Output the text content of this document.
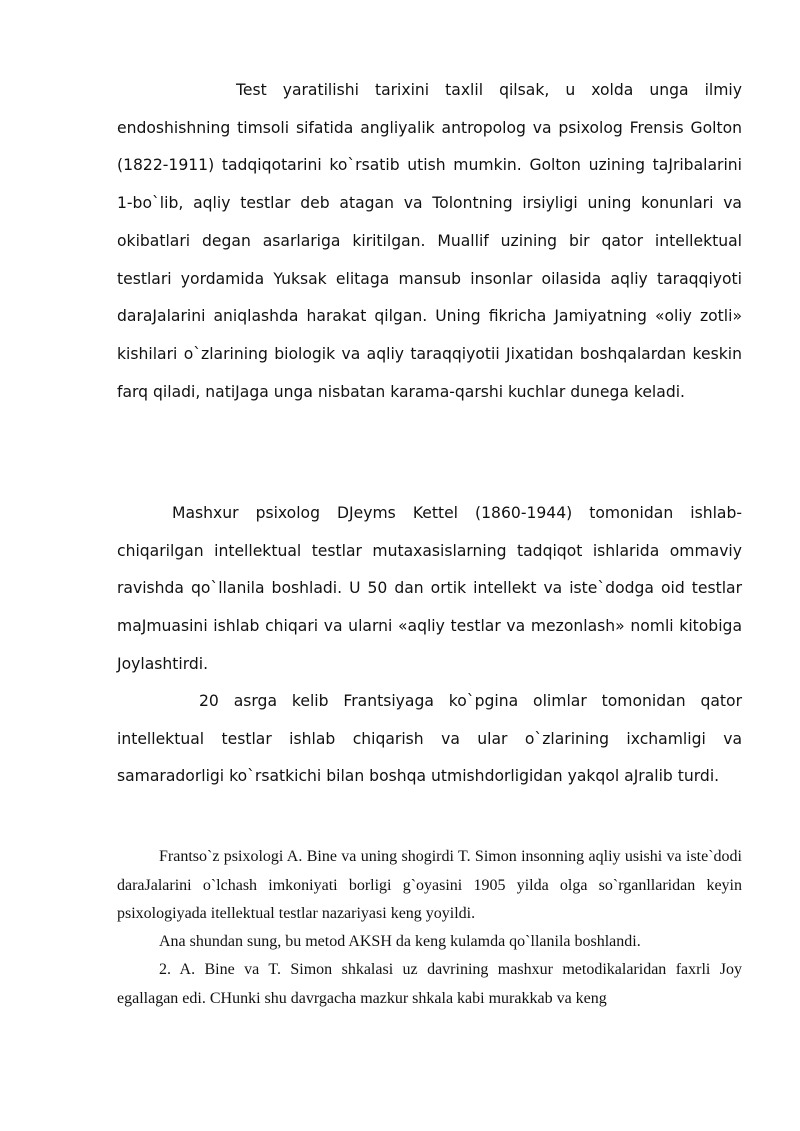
Test yaratilishi tarixini taxlil qilsak, u xolda unga ilmiy endoshishning timsoli sifatida angliyalik antropolog va psixolog Frensis Golton (1822-1911) tadqiqotarini ko`rsatib utish mumkin. Golton uzining taJribalarini 1-bo`lib, aqliy testlar deb atagan va Tolontning irsiyligi uning konunlari va okibatlari degan asarlariga kiritilgan. Muallif uzining bir qator intellektual testlari yordamida Yuksak elitaga mansub insonlar oilasida aqliy taraqqiyoti daraJalarini aniqlashda harakat qilgan. Uning fikricha Jamiyatning «oliy zotli» kishilari o`zlarining biologik va aqliy taraqqiyotii Jixatidan boshqalardan keskin farq qiladi, natiJaga unga nisbatan karama-qarshi kuchlar dunega keladi.

Mashxur psixolog DJeyms Kettel (1860-1944) tomonidan ishlab-chiqarilgan intellektual testlar mutaxasislarning tadqiqot ishlarida ommaviy ravishda qo`llanila boshladi. U 50 dan ortik intellekt va iste`dodga oid testlar maJmuasini ishlab chiqari va ularni «aqliy testlar va mezonlash» nomli kitobiga Joylashtirdi.

20 asrga kelib Frantsiyaga ko`pgina olimlar tomonidan qator intellektual testlar ishlab chiqarish va ular o`zlarining ixchamligi va samaradorligi ko`rsatkichi bilan boshqa utmishdorligidan yakqol aJralib turdi.

Frantso`z psixologi A. Bine va uning shogirdi T. Simon insonning aqliy usishi va iste`dodi daraJalarini o`lchash imkoniyati borligi g`oyasini 1905 yilda olga so`rganllaridan keyin psixologiyada itellektual testlar nazariyasi keng yoyildi.

Ana shundan sung, bu metod AKSH da keng kulamda qo`llanila boshlandi.

2. A. Bine va T. Simon shkalasi uz davrining mashxur metodikalaridan faxrli Joy egallagan edi. CHunki shu davrgacha mazkur shkala kabi murakkab va keng
